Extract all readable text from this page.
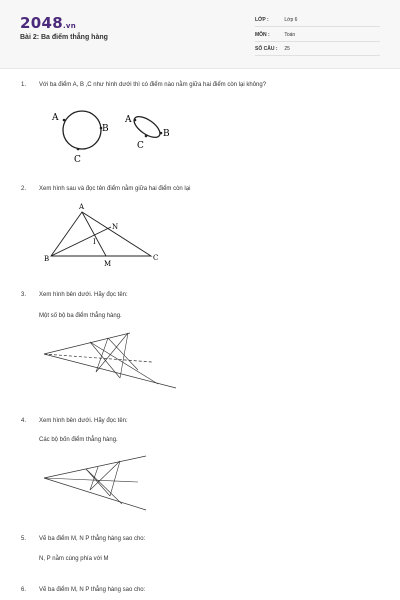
2048.vn
Bài 2: Ba điểm thẳng hàng
LỚP :	Lớp 6
MÔN :	Toán
SỐ CÂU : 25
1. Với ba điểm A, B ,C như hình dưới thì có điểm nào nằm giữa hai điểm còn lại không?
A
B
C
A
B
C
2. Xem hình sau và đọc tên điểm nằm giữa hai điểm còn lại
A
N
I
B
M
C
3. Xem hình bên dưới. Hãy đọc tên:
Một số bộ ba điểm thẳng hàng.
4. Xem hình bên dưới. Hãy đọc tên:
Các bộ bốn điểm thẳng hàng.
5. Vẽ ba điểm M, N P thẳng hàng sao cho:
N, P nằm cùng phía với M
6. Vẽ ba điểm M, N P thẳng hàng sao cho:
